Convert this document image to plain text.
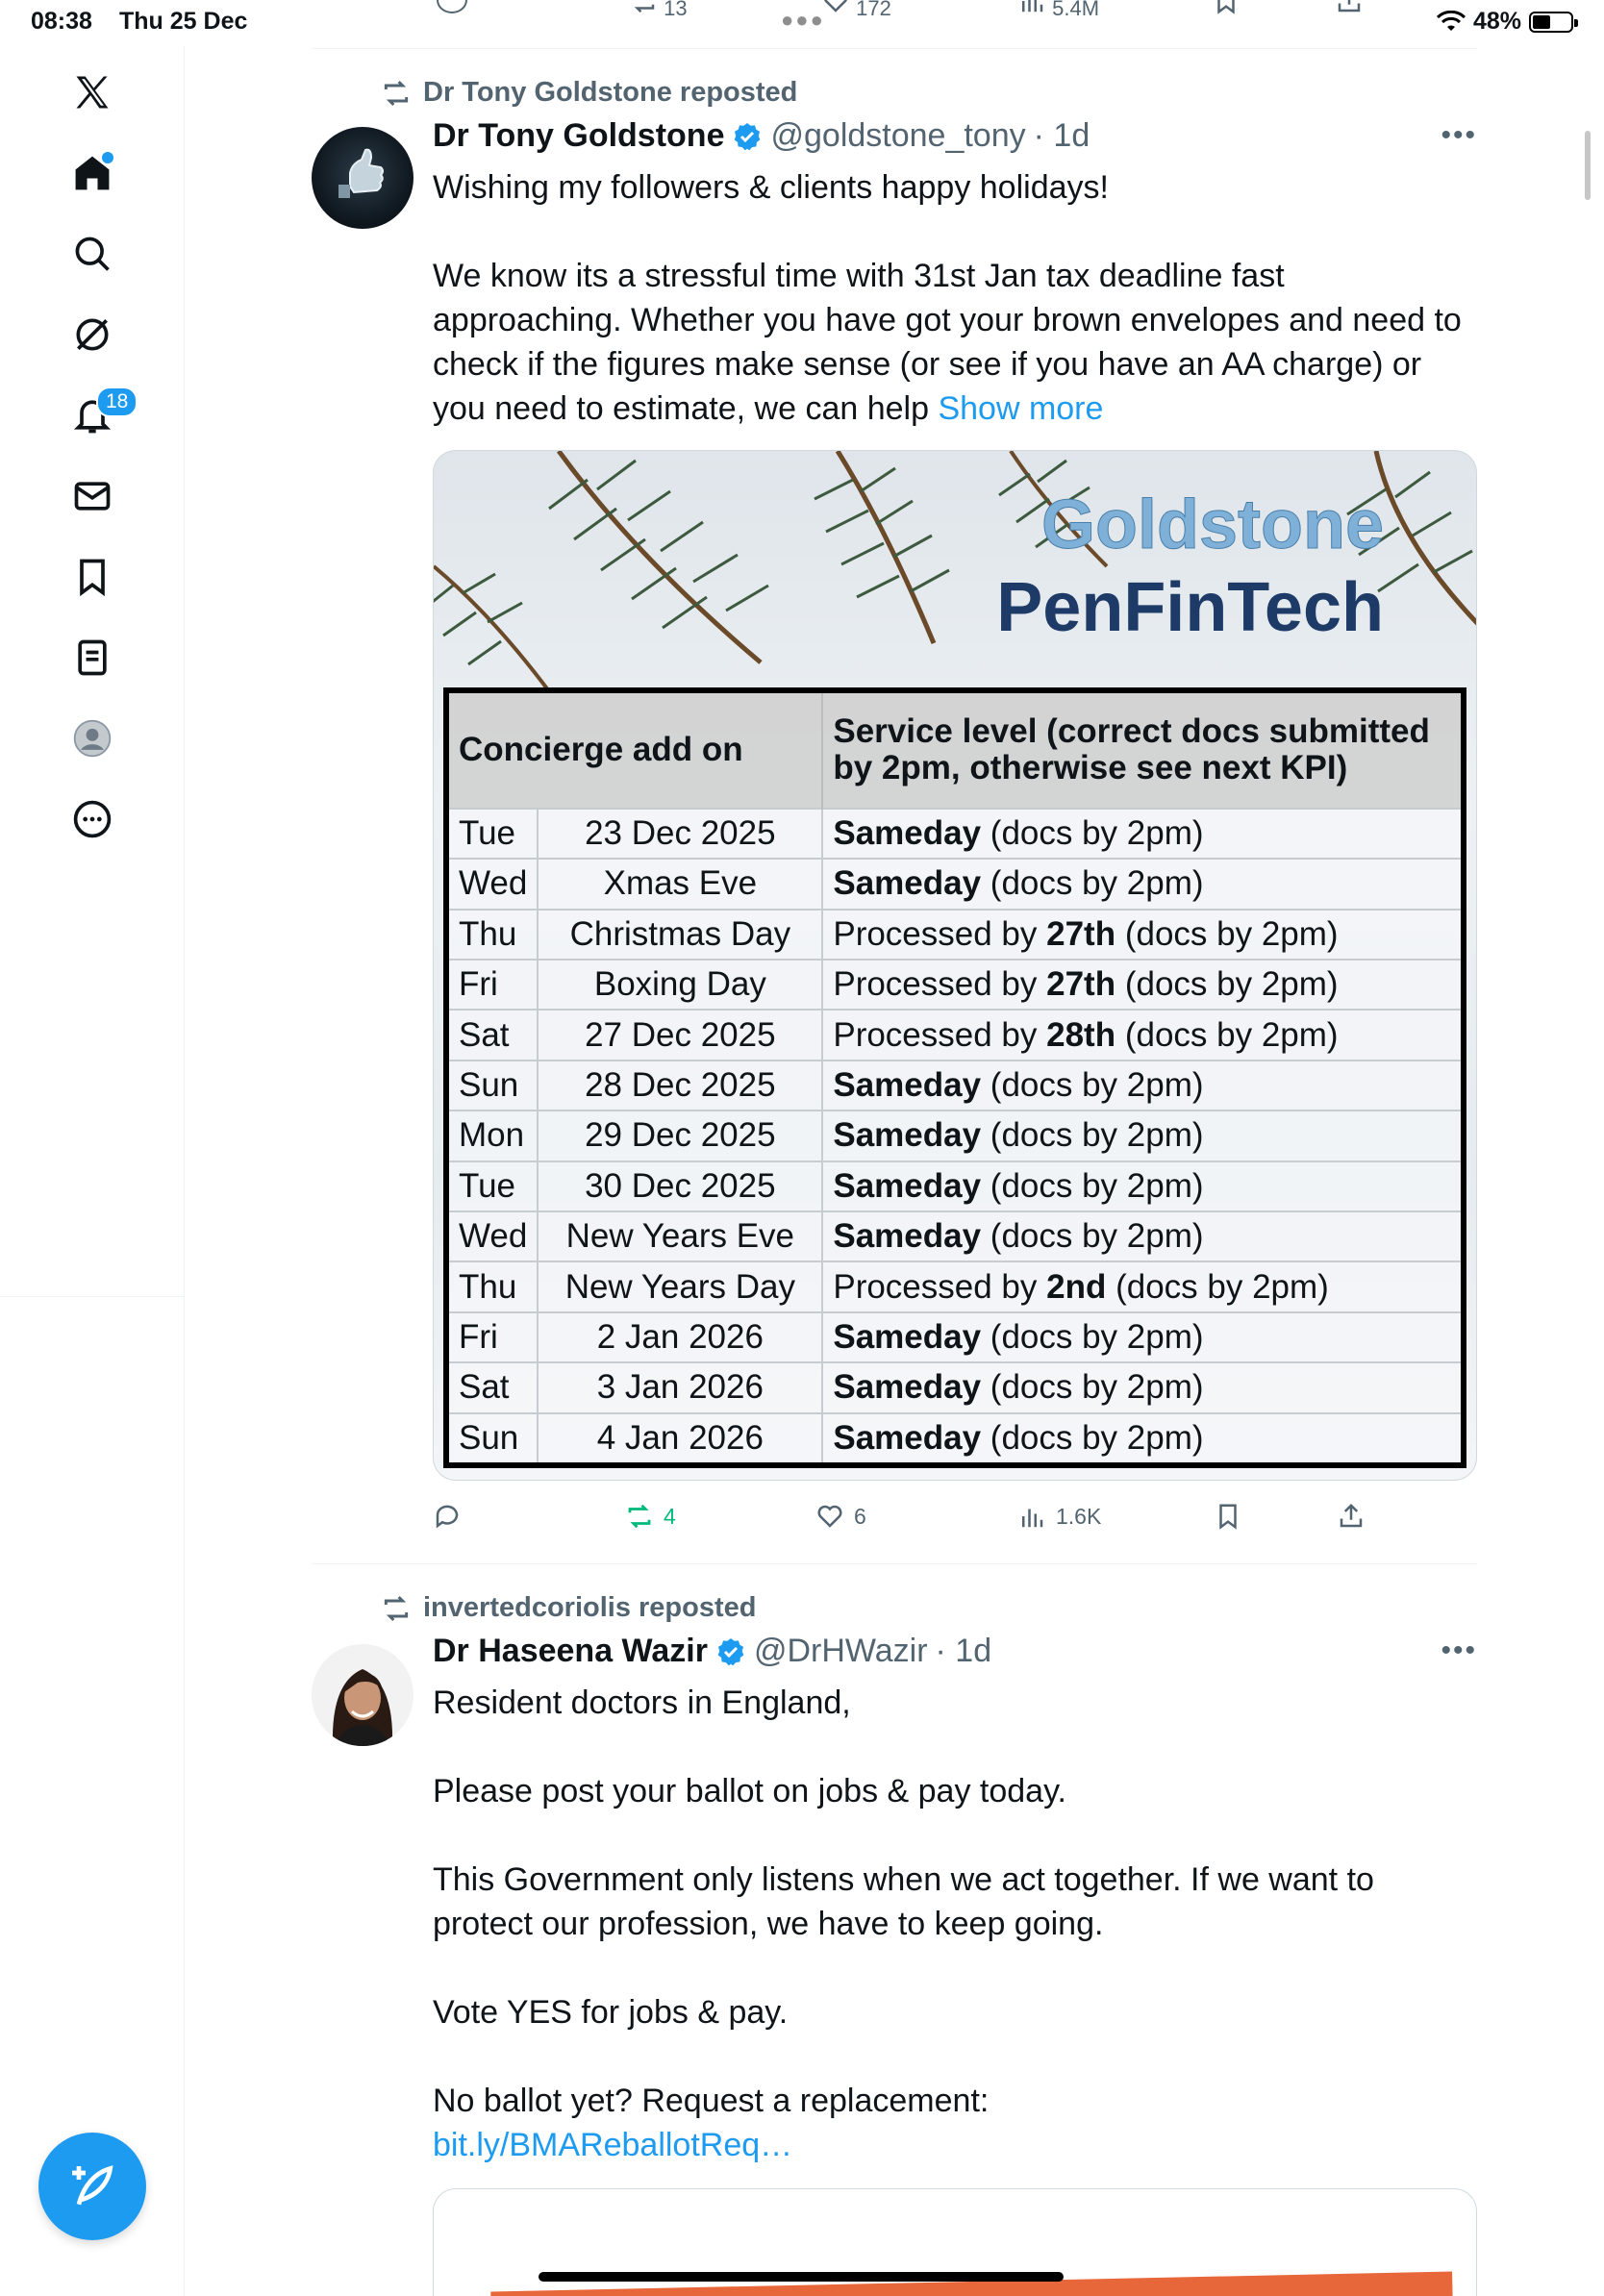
08:38 Thu 25 Dec	●●●	48%
18
13	172	5.4M
Dr Tony Goldstone reposted
Dr Tony Goldstone @goldstone_tony · 1d	•••
Wishing my followers & clients happy holidays!

We know its a stressful time with 31st Jan tax deadline fast approaching. Whether you have got your brown envelopes and need to check if the figures make sense (or see if you have an AA charge) or you need to estimate, we can help Show more
Goldstone
PenFinTech
Concierge add on		Service level (correct docs submitted by 2pm, otherwise see next KPI)
Tue	23 Dec 2025	Sameday (docs by 2pm)
Wed	Xmas Eve	Sameday (docs by 2pm)
Thu	Christmas Day	Processed by 27th (docs by 2pm)
Fri	Boxing Day	Processed by 27th (docs by 2pm)
Sat	27 Dec 2025	Processed by 28th (docs by 2pm)
Sun	28 Dec 2025	Sameday (docs by 2pm)
Mon	29 Dec 2025	Sameday (docs by 2pm)
Tue	30 Dec 2025	Sameday (docs by 2pm)
Wed	New Years Eve	Sameday (docs by 2pm)
Thu	New Years Day	Processed by 2nd (docs by 2pm)
Fri	2 Jan 2026	Sameday (docs by 2pm)
Sat	3 Jan 2026	Sameday (docs by 2pm)
Sun	4 Jan 2026	Sameday (docs by 2pm)
4	6	1.6K
invertedcoriolis reposted
Dr Haseena Wazir @DrHWazir · 1d	•••
Resident doctors in England,

Please post your ballot on jobs & pay today.

This Government only listens when we act together. If we want to protect our profession, we have to keep going.

Vote YES for jobs & pay.

No ballot yet? Request a replacement:
bit.ly/BMAReballotReq…
